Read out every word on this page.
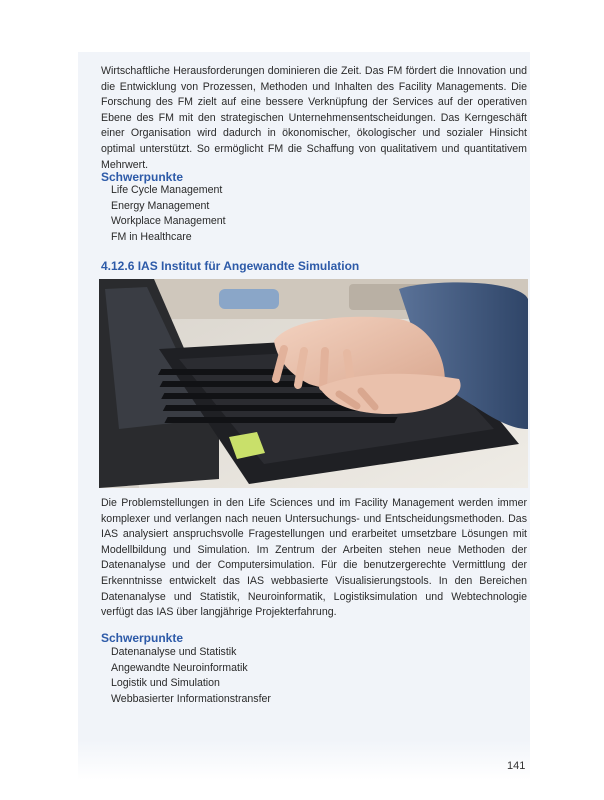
Wirtschaftliche Herausforderungen dominieren die Zeit. Das FM fördert die Innovation und die Entwicklung von Prozessen, Methoden und Inhalten des Facility Managements. Die Forschung des FM zielt auf eine bessere Verknüpfung der Services auf der operativen Ebene des FM mit den strategischen Unternehmensentscheidungen. Das Kerngeschäft einer Organisation wird dadurch in ökonomischer, ökologischer und sozialer Hinsicht optimal unterstützt. So ermöglicht FM die Schaffung von qualitativem und quantitativem Mehrwert.

Schwerpunkte
Life Cycle Management
Energy Management
Workplace Management
FM in Healthcare
4.12.6 IAS Institut für Angewandte Simulation

Die Problemstellungen in den Life Sciences und im Facility Management werden immer komplexer und verlangen nach neuen Untersuchungs- und Entscheidungsmethoden. Das IAS analysiert anspruchsvolle Fragestellungen und erarbeitet umsetzbare Lösungen mit Modellbildung und Simulation. Im Zentrum der Arbeiten stehen neue Methoden der Datenanalyse und der Computersimulation. Für die benutzergerechte Vermittlung der Erkenntnisse entwickelt das IAS webbasierte Visualisierungstools. In den Bereichen Datenanalyse und Statistik, Neuroinformatik, Logistiksimulation und Webtechnologie verfügt das IAS über langjährige Projekterfahrung.

Schwerpunkte
Datenanalyse und Statistik
Angewandte Neuroinformatik
Logistik und Simulation
Webbasierter Informationstransfer
141
